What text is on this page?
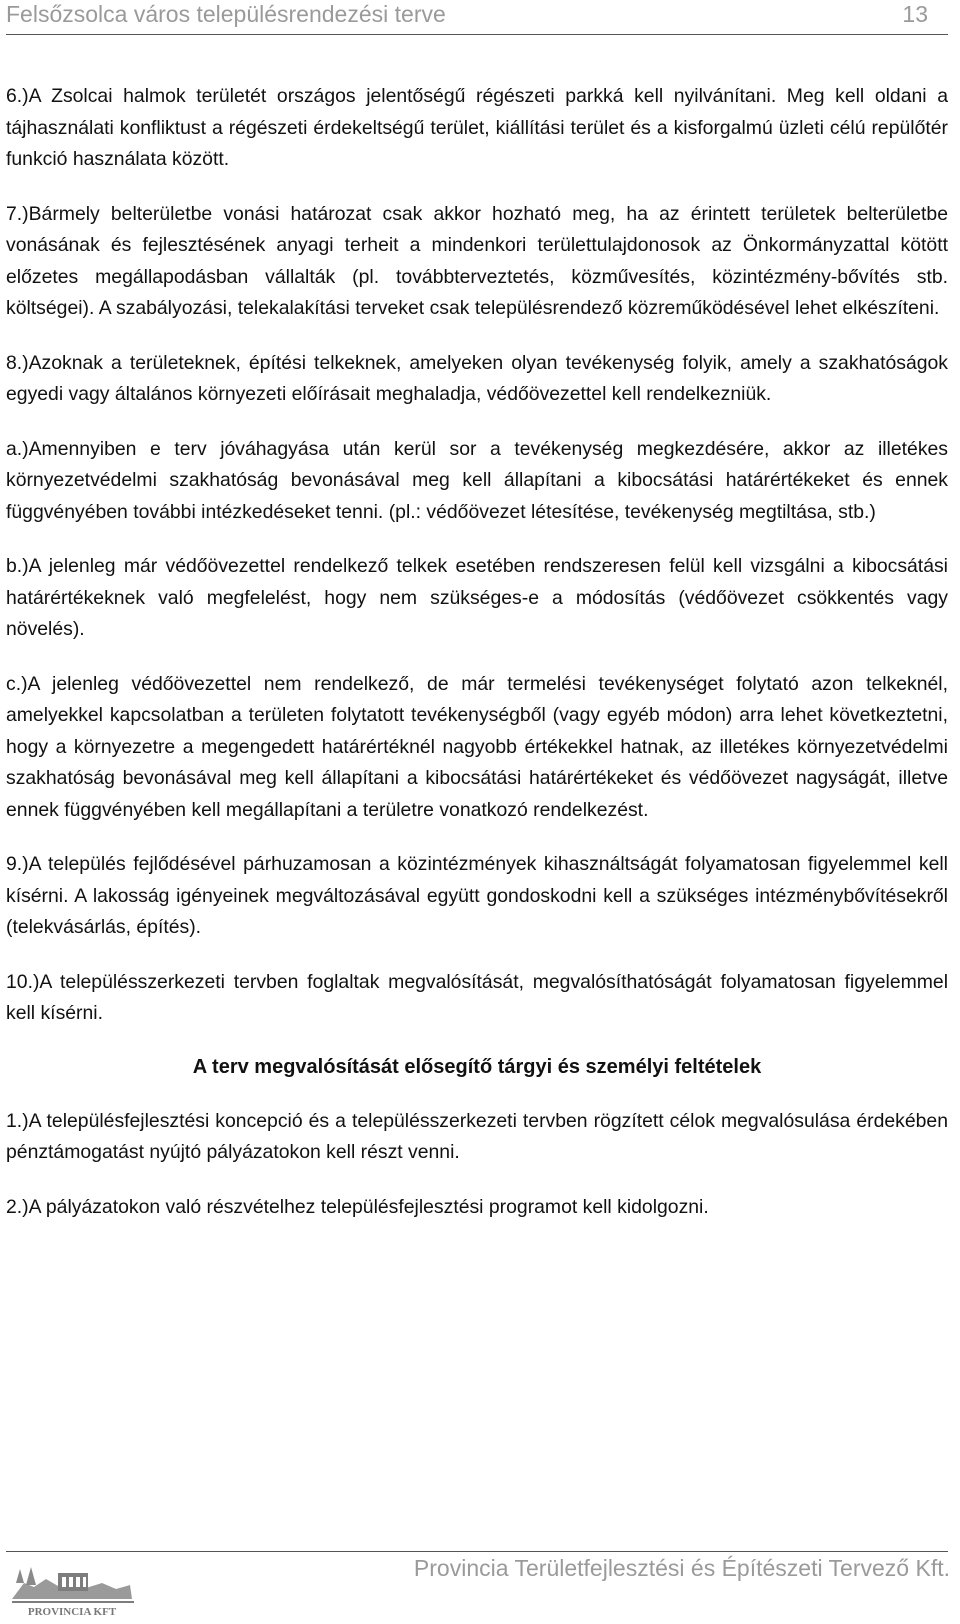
Felsőzsolca város településrendezési terve	13

6.)A Zsolcai halmok területét országos jelentőségű régészeti parkká kell nyilvánítani. Meg kell oldani a tájhasználati konfliktust a régészeti érdekeltségű terület, kiállítási terület és a kisforgalmú üzleti célú repülőtér funkció használata között.

7.)Bármely belterületbe vonási határozat csak akkor hozható meg, ha az érintett területek belterületbe vonásának és fejlesztésének anyagi terheit a mindenkori területtulajdonosok az Önkormányzattal kötött előzetes megállapodásban vállalták (pl. továbbterveztetés, közművesítés, közintézmény-bővítés stb. költségei). A szabályozási, telekalakítási terveket csak településrendező közreműködésével lehet elkészíteni.

8.)Azoknak a területeknek, építési telkeknek, amelyeken olyan tevékenység folyik, amely a szakhatóságok egyedi vagy általános környezeti előírásait meghaladja, védőövezettel kell rendelkezniük.

a.)Amennyiben e terv jóváhagyása után kerül sor a tevékenység megkezdésére, akkor az illetékes környezetvédelmi szakhatóság bevonásával meg kell állapítani a kibocsátási határértékeket és ennek függvényében további intézkedéseket tenni. (pl.: védőövezet létesítése, tevékenység megtiltása, stb.)

b.)A jelenleg már védőövezettel rendelkező telkek esetében rendszeresen felül kell vizsgálni a kibocsátási határértékeknek való megfelelést, hogy nem szükséges-e a módosítás (védőövezet csökkentés vagy növelés).

c.)A jelenleg védőövezettel nem rendelkező, de már termelési tevékenységet folytató azon telkeknél, amelyekkel kapcsolatban a területen folytatott tevékenységből (vagy egyéb módon) arra lehet következtetni, hogy a környezetre a megengedett határértéknél nagyobb értékekkel hatnak, az illetékes környezetvédelmi szakhatóság bevonásával meg kell állapítani a kibocsátási határértékeket és védőövezet nagyságát, illetve ennek függvényében kell megállapítani a területre vonatkozó rendelkezést.

9.)A település fejlődésével párhuzamosan a közintézmények kihasználtságát folyamatosan figyelemmel kell kísérni. A lakosság igényeinek megváltozásával együtt gondoskodni kell a szükséges intézménybővítésekről (telekvásárlás, építés).

10.)A településszerkezeti tervben foglaltak megvalósítását, megvalósíthatóságát folyamatosan figyelemmel kell kísérni.

A terv megvalósítását elősegítő tárgyi és személyi feltételek

1.)A településfejlesztési koncepció és a településszerkezeti tervben rögzített célok megvalósulása érdekében pénztámogatást nyújtó pályázatokon kell részt venni.

2.)A pályázatokon való részvételhez településfejlesztési programot kell kidolgozni.

PROVINCIA KFT
Provincia Területfejlesztési és Építészeti Tervező Kft.
